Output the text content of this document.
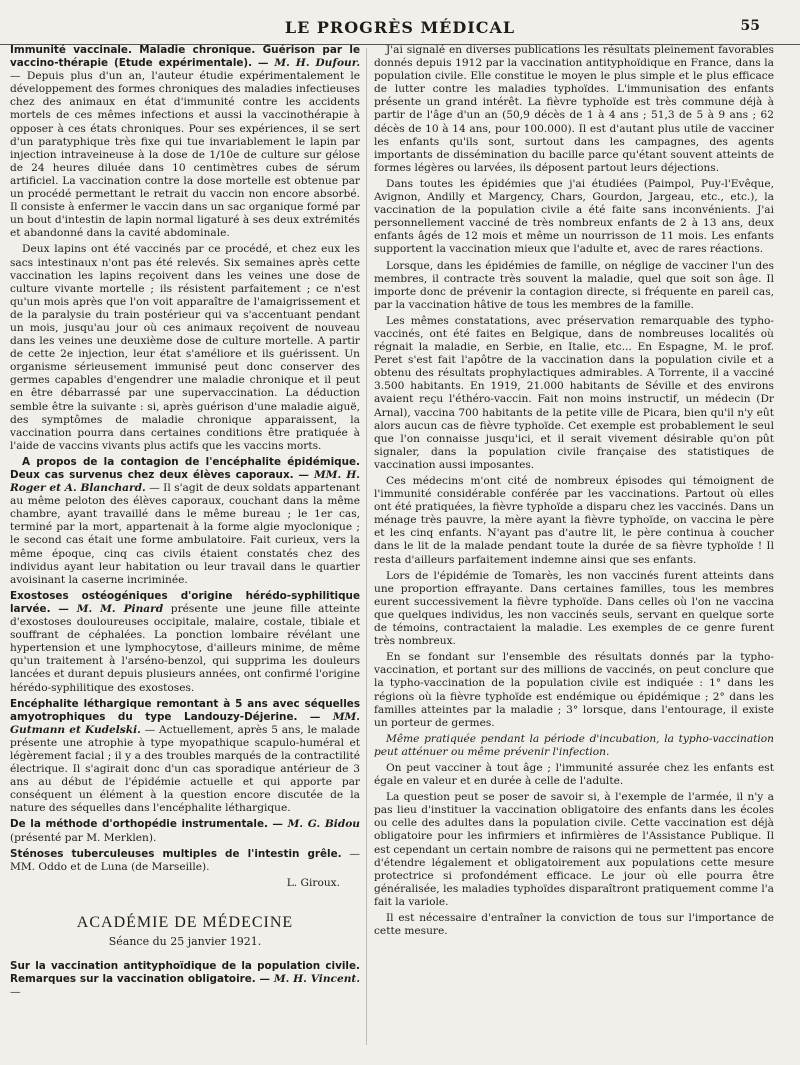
LE PROGRÈS MÉDICAL	55

Immunité vaccinale. Maladie chronique. Guérison par le vaccino-thérapie (Etude expérimentale). — M. H. Dufour. — Depuis plus d'un an, l'auteur étudie expérimentalement le développement des formes chroniques des maladies infectieuses chez des animaux en état d'immunité contre les accidents mortels de ces mêmes infections et aussi la vaccinothérapie à opposer à ces états chroniques. Pour ses expériences, il se sert d'un paratyphique très fixe qui tue invariablement le lapin par injection intraveineuse à la dose de 1/10e de culture sur gélose de 24 heures diluée dans 10 centimètres cubes de sérum artificiel. La vaccination contre la dose mortelle est obtenue par un procédé permettant le retrait du vaccin non encore absorbé. Il consiste à enfermer le vaccin dans un sac organique formé par un bout d'intestin de lapin normal ligaturé à ses deux extrémités et abandonné dans la cavité abdominale.

Deux lapins ont été vaccinés par ce procédé, et chez eux les sacs intestinaux n'ont pas été relevés. Six semaines après cette vaccination les lapins reçoivent dans les veines une dose de culture vivante mortelle ; ils résistent parfaitement ; ce n'est qu'un mois après que l'on voit apparaître de l'amaigrissement et de la paralysie du train postérieur qui va s'accentuant pendant un mois, jusqu'au jour où ces animaux reçoivent de nouveau dans les veines une deuxième dose de culture mortelle. A partir de cette 2e injection, leur état s'améliore et ils guérissent. Un organisme sérieusement immunisé peut donc conserver des germes capables d'engendrer une maladie chronique et il peut en être débarrassé par une supervaccination. La déduction semble être la suivante : si, après guérison d'une maladie aiguë, des symptômes de maladie chronique apparaissent, la vaccination pourra dans certaines conditions être pratiquée à l'aide de vaccins vivants plus actifs que les vaccins morts.

A propos de la contagion de l'encéphalite épidémique. Deux cas survenus chez deux élèves caporaux. — MM. H. Roger et A. Blanchard. — Il s'agit de deux soldats appartenant au même peloton des élèves caporaux, couchant dans la même chambre, ayant travaillé dans le même bureau ; le 1er cas, terminé par la mort, appartenait à la forme algie myoclonique ; le second cas était une forme ambulatoire. Fait curieux, vers la même époque, cinq cas civils étaient constatés chez des individus ayant leur habitation ou leur travail dans le quartier avoisinant la caserne incriminée.

Exostoses ostéogéniques d'origine hérédo-syphilitique larvée. — M. M. Pinard présente une jeune fille atteinte d'exostoses douloureuses occipitale, malaire, costale, tibiale et souffrant de céphalées. La ponction lombaire révélant une hypertension et une lymphocytose, d'ailleurs minime, de même qu'un traitement à l'arséno-benzol, qui supprima les douleurs lancées et durant depuis plusieurs années, ont confirmé l'origine hérédo-syphilitique des exostoses.

Encéphalite léthargique remontant à 5 ans avec séquelles amyotrophiques du type Landouzy-Déjerine. — MM. Gutmann et Kudelski. — Actuellement, après 5 ans, le malade présente une atrophie à type myopathique scapulo-huméral et légèrement facial ; il y a des troubles marqués de la contractilité électrique. Il s'agirait donc d'un cas sporadique antérieur de 3 ans au début de l'épidémie actuelle et qui apporte par conséquent un élément à la question encore discutée de la nature des séquelles dans l'encéphalite léthargique.

De la méthode d'orthopédie instrumentale. — M. G. Bidou (présenté par M. Merklen).

Sténoses tuberculeuses multiples de l'intestin grêle. — MM. Oddo et de Luna (de Marseille).

L. Giroux.
ACADÉMIE DE MÉDECINE
Séance du 25 janvier 1921.

Sur la vaccination antityphoïdique de la population civile. Remarques sur la vaccination obligatoire. — M. H. Vincent. —

J'ai signalé en diverses publications les résultats pleinement favorables donnés depuis 1912 par la vaccination antityphoïdique en France, dans la population civile. Elle constitue le moyen le plus simple et le plus efficace de lutter contre les maladies typhoïdes. L'immunisation des enfants présente un grand intérêt. La fièvre typhoïde est très commune déjà à partir de l'âge d'un an (50,9 décès de 1 à 4 ans ; 51,3 de 5 à 9 ans ; 62 décès de 10 à 14 ans, pour 100.000). Il est d'autant plus utile de vacciner les enfants qu'ils sont, surtout dans les campagnes, des agents importants de dissémination du bacille parce qu'étant souvent atteints de formes légères ou larvées, ils déposent partout leurs déjections.

Dans toutes les épidémies que j'ai étudiées (Paimpol, Puy-l'Evêque, Avignon, Andilly et Margency, Chars, Gourdon, Jargeau, etc., etc.), la vaccination de la population civile a été faite sans inconvénients. J'ai personnellement vacciné de très nombreux enfants de 2 à 13 ans, deux enfants âgés de 12 mois et même un nourrisson de 11 mois. Les enfants supportent la vaccination mieux que l'adulte et, avec de rares réactions.

Lorsque, dans les épidémies de famille, on néglige de vacciner l'un des membres, il contracte très souvent la maladie, quel que soit son âge. Il importe donc de prévenir la contagion directe, si fréquente en pareil cas, par la vaccination hâtive de tous les membres de la famille.

Les mêmes constatations, avec préservation remarquable des typho-vaccinés, ont été faites en Belgique, dans de nombreuses localités où régnait la maladie, en Serbie, en Italie, etc... En Espagne, M. le prof. Peret s'est fait l'apôtre de la vaccination dans la population civile et a obtenu des résultats prophylactiques admirables. A Torrente, il a vacciné 3.500 habitants. En 1919, 21.000 habitants de Séville et des environs avaient reçu l'éthéro-vaccin. Fait non moins instructif, un médecin (Dr Arnal), vaccina 700 habitants de la petite ville de Picara, bien qu'il n'y eût alors aucun cas de fièvre typhoïde. Cet exemple est probablement le seul que l'on connaisse jusqu'ici, et il serait vivement désirable qu'on pût signaler, dans la population civile française des statistiques de vaccination aussi imposantes.

Ces médecins m'ont cité de nombreux épisodes qui témoignent de l'immunité considérable conférée par les vaccinations. Partout où elles ont été pratiquées, la fièvre typhoïde a disparu chez les vaccinés. Dans un ménage très pauvre, la mère ayant la fièvre typhoïde, on vaccina le père et les cinq enfants. N'ayant pas d'autre lit, le père continua à coucher dans le lit de la malade pendant toute la durée de sa fièvre typhoïde ! Il resta d'ailleurs parfaitement indemne ainsi que ses enfants.

Lors de l'épidémie de Tomarès, les non vaccinés furent atteints dans une proportion effrayante. Dans certaines familles, tous les membres eurent successivement la fièvre typhoïde. Dans celles où l'on ne vaccina que quelques individus, les non vaccinés seuls, servant en quelque sorte de témoins, contractaient la maladie. Les exemples de ce genre furent très nombreux.

En se fondant sur l'ensemble des résultats donnés par la typho-vaccination, et portant sur des millions de vaccinés, on peut conclure que la typho-vaccination de la population civile est indiquée : 1° dans les régions où la fièvre typhoïde est endémique ou épidémique ; 2° dans les familles atteintes par la maladie ; 3° lorsque, dans l'entourage, il existe un porteur de germes.

Même pratiquée pendant la période d'incubation, la typho-vaccination peut atténuer ou même prévenir l'infection.

On peut vacciner à tout âge ; l'immunité assurée chez les enfants est égale en valeur et en durée à celle de l'adulte.

La question peut se poser de savoir si, à l'exemple de l'armée, il n'y a pas lieu d'instituer la vaccination obligatoire des enfants dans les écoles ou celle des adultes dans la population civile. Cette vaccination est déjà obligatoire pour les infirmiers et infirmières de l'Assistance Publique. Il est cependant un certain nombre de raisons qui ne permettent pas encore d'étendre légalement et obligatoirement aux populations cette mesure protectrice si profondément efficace. Le jour où elle pourra être généralisée, les maladies typhoïdes disparaîtront pratiquement comme l'a fait la variole.

Il est nécessaire d'entraîner la conviction de tous sur l'importance de cette mesure.
